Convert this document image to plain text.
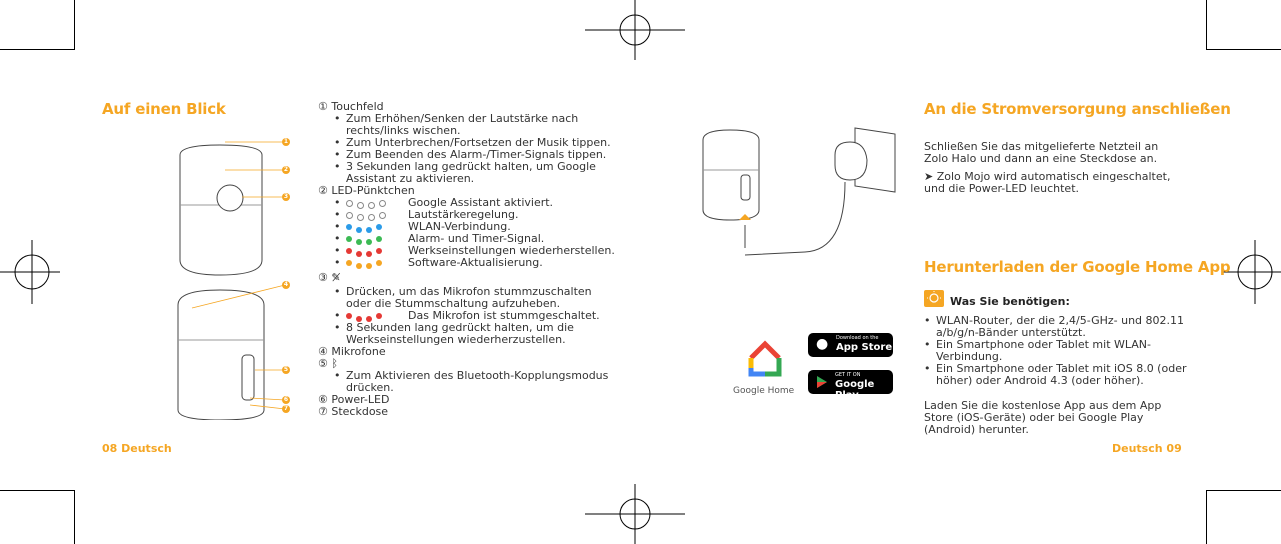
Auf einen Blick
1
2
3
4
5
6
7
① Touchfeld
• Zum Erhöhen/Senken der Lautstärke nach rechts/links wischen.
• Zum Unterbrechen/Fortsetzen der Musik tippen.
• Zum Beenden des Alarm-/Timer-Signals tippen.
• 3 Sekunden lang gedrückt halten, um Google Assistant zu aktivieren.
② LED-Pünktchen
•	Google Assistant aktiviert.
•	Lautstärkeregelung.
•	WLAN-Verbindung.
•	Alarm- und Timer-Signal.
•	Werkseinstellungen wiederherstellen.
•	Software-Aktualisierung.
③ ✎̸
• Drücken, um das Mikrofon stummzuschalten oder die Stummschaltung aufzuheben.
•	Das Mikrofon ist stummgeschaltet.
• 8 Sekunden lang gedrückt halten, um die Werkseinstellungen wiederherzustellen.
④ Mikrofone
⑤ ᛒ
• Zum Aktivieren des Bluetooth-Kopplungsmodus drücken.
⑥ Power-LED
⑦ Steckdose
08 Deutsch
Google Home
● Download on the
App Store
GET IT ON
Google Play
An die Stromversorgung anschließen
Schließen Sie das mitgelieferte Netzteil an Zolo Halo und dann an eine Steckdose an.
➤ Zolo Mojo wird automatisch eingeschaltet, und die Power-LED leuchtet.
Herunterladen der Google Home App
Was Sie benötigen:
• WLAN-Router, der die 2,4/5-GHz- und 802.11 a/b/g/n-Bänder unterstützt.
• Ein Smartphone oder Tablet mit WLAN-Verbindung.
• Ein Smartphone oder Tablet mit iOS 8.0 (oder höher) oder Android 4.3 (oder höher).
Laden Sie die kostenlose App aus dem App Store (iOS-Geräte) oder bei Google Play (Android) herunter.
Deutsch 09
